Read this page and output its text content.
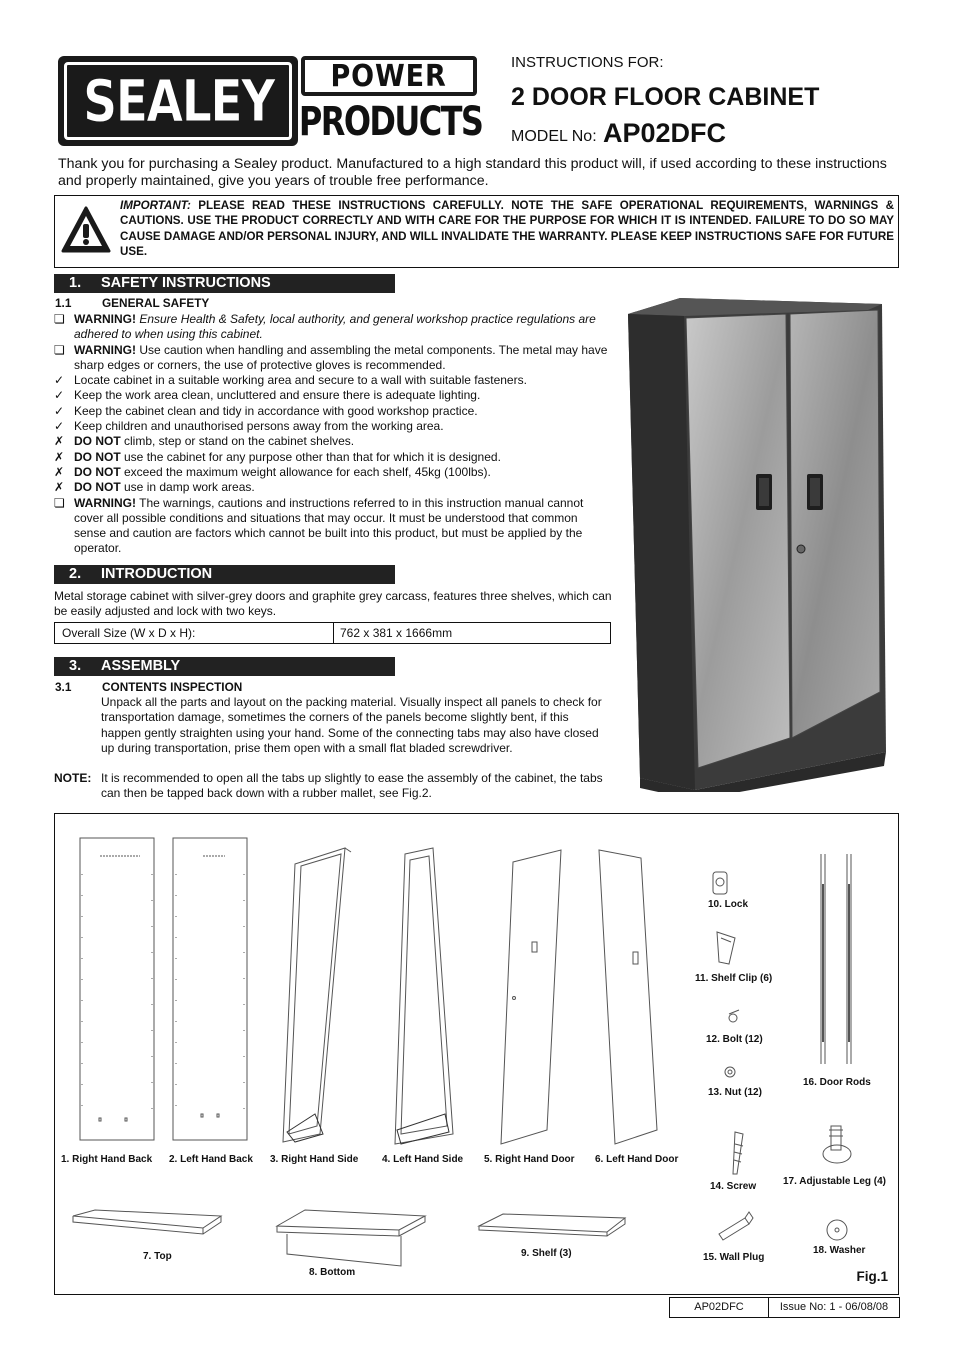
SEALEY POWER
PRODUCTS
INSTRUCTIONS FOR:
2 DOOR FLOOR CABINET
MODEL No: AP02DFC
Thank you for purchasing a Sealey product. Manufactured to a high standard this product will, if used according to these instructions and properly maintained, give you years of trouble free performance.
IMPORTANT: PLEASE READ THESE INSTRUCTIONS CAREFULLY. NOTE THE SAFE OPERATIONAL REQUIREMENTS, WARNINGS & CAUTIONS. USE THE PRODUCT CORRECTLY AND WITH CARE FOR THE PURPOSE FOR WHICH IT IS INTENDED. FAILURE TO DO SO MAY CAUSE DAMAGE AND/OR PERSONAL INJURY, AND WILL INVALIDATE THE WARRANTY. PLEASE KEEP INSTRUCTIONS SAFE FOR FUTURE USE.
1. SAFETY INSTRUCTIONS
1.1	GENERAL SAFETY
❏ WARNING! Ensure Health & Safety, local authority, and general workshop practice regulations are adhered to when using this cabinet.
❏ WARNING! Use caution when handling and assembling the metal components. The metal may have sharp edges or corners, the use of protective gloves is recommended.
✓ Locate cabinet in a suitable working area and secure to a wall with suitable fasteners.
✓ Keep the work area clean, uncluttered and ensure there is adequate lighting.
✓ Keep the cabinet clean and tidy in accordance with good workshop practice.
✓ Keep children and unauthorised persons away from the working area.
✗ DO NOT climb, step or stand on the cabinet shelves.
✗ DO NOT use the cabinet for any purpose other than that for which it is designed.
✗ DO NOT exceed the maximum weight allowance for each shelf, 45kg (100lbs).
✗ DO NOT use in damp work areas.
❏ WARNING! The warnings, cautions and instructions referred to in this instruction manual cannot cover all possible conditions and situations that may occur. It must be understood that common sense and caution are factors which cannot be built into this product, but must be applied by the operator.
2. INTRODUCTION
Metal storage cabinet with silver-grey doors and graphite grey carcass, features three shelves, which can be easily adjusted and lock with two keys.
Overall Size (W x D x H):	762 x 381 x 1666mm
3. ASSEMBLY
3.1	CONTENTS INSPECTION
Unpack all the parts and layout on the packing material. Visually inspect all panels to check for transportation damage, sometimes the corners of the panels become slightly bent, if this happen gently straighten using your hand. Some of the connecting tabs may also have closed up during transportation, prise them open with a small flat bladed screwdriver.
NOTE: It is recommended to open all the tabs up slightly to ease the assembly of the cabinet, the tabs can then be tapped back down with a rubber mallet, see Fig.2.
1. Right Hand Back 2. Left Hand Back 3. Right Hand Side 4. Left Hand Side 5. Right Hand Door 6. Left Hand Door
7. Top
8. Bottom
9. Shelf (3)
10. Lock
11. Shelf Clip (6)
12. Bolt (12)
13. Nut (12)
14. Screw
15. Wall Plug
16. Door Rods
17. Adjustable Leg (4)
18. Washer
Fig.1
AP02DFC	Issue No: 1 - 06/08/08
